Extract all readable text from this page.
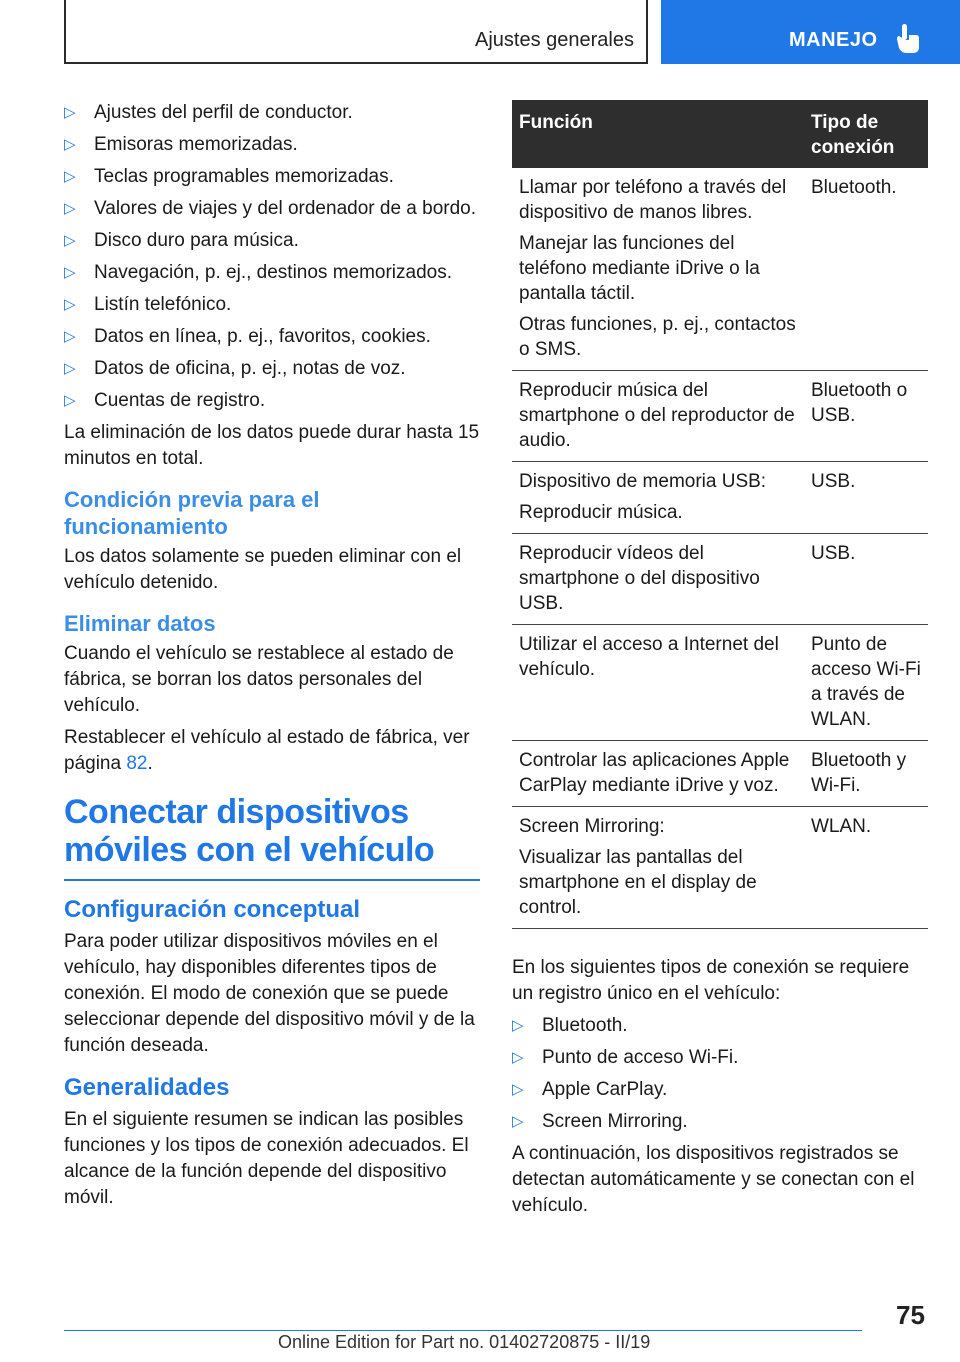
Ajustes generales	MANEJO
▷ Ajustes del perfil de conductor.
▷ Emisoras memorizadas.
▷ Teclas programables memorizadas.
▷ Valores de viajes y del ordenador de a bordo.
▷ Disco duro para música.
▷ Navegación, p. ej., destinos memorizados.
▷ Listín telefónico.
▷ Datos en línea, p. ej., favoritos, cookies.
▷ Datos de oficina, p. ej., notas de voz.
▷ Cuentas de registro.

La eliminación de los datos puede durar hasta 15 minutos en total.

Condición previa para el funcionamiento

Los datos solamente se pueden eliminar con el vehículo detenido.

Eliminar datos

Cuando el vehículo se restablece al estado de fábrica, se borran los datos personales del vehículo.

Restablecer el vehículo al estado de fábrica, ver página 82.

Conectar dispositivos móviles con el vehículo
Configuración conceptual

Para poder utilizar dispositivos móviles en el vehículo, hay disponibles diferentes tipos de conexión. El modo de conexión que se puede seleccionar depende del dispositivo móvil y de la función deseada.

Generalidades

En el siguiente resumen se indican las posibles funciones y los tipos de conexión adecuados. El alcance de la función depende del dispositivo móvil.

Función	Tipo de conexión

Llamar por teléfono a través del dispositivo de manos libres.
Manejar las funciones del teléfono mediante iDrive o la pantalla táctil.
Otras funciones, p. ej., contactos o SMS.	Bluetooth.

Reproducir música del smartphone o del reproductor de audio.	Bluetooth o USB.

Dispositivo de memoria USB:
Reproducir música.	USB.

Reproducir vídeos del smartphone o del dispositivo USB.	USB.

Utilizar el acceso a Internet del vehículo.	Punto de acceso Wi-Fi a través de WLAN.

Controlar las aplicaciones Apple CarPlay mediante iDrive y voz.	Bluetooth y Wi-Fi.

Screen Mirroring:
Visualizar las pantallas del smartphone en el display de control.	WLAN.

En los siguientes tipos de conexión se requiere un registro único en el vehículo:

▷ Bluetooth.
▷ Punto de acceso Wi-Fi.
▷ Apple CarPlay.
▷ Screen Mirroring.

A continuación, los dispositivos registrados se detectan automáticamente y se conectan con el vehículo.

75
Online Edition for Part no. 01402720875 - II/19
